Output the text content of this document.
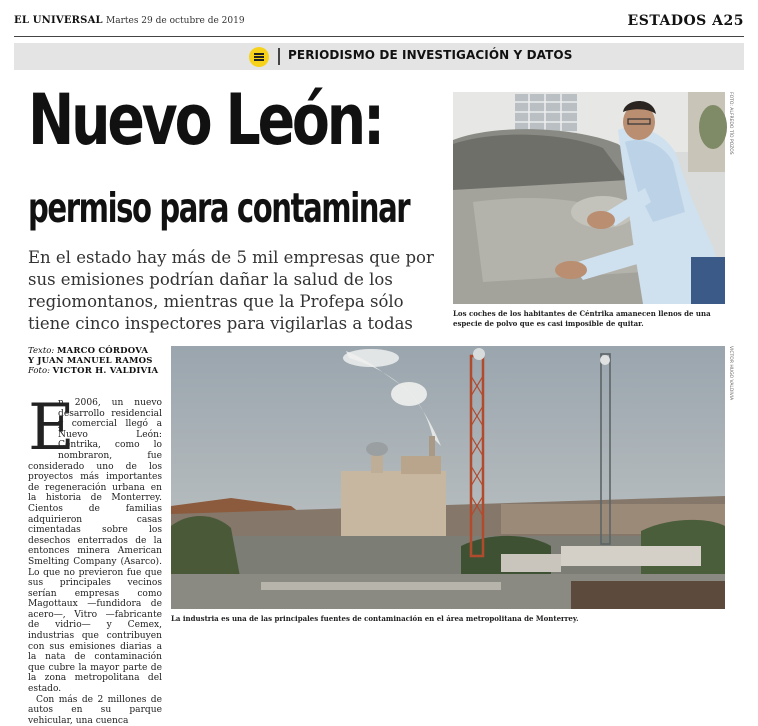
EL UNIVERSAL Martes 29 de octubre de 2019	ESTADOS A25
PERIODISMO DE INVESTIGACIÓN Y DATOS
Nuevo León:
permiso para contaminar
En el estado hay más de 5 mil empresas que por sus emisiones podrían dañar la salud de los regiomontanos, mientras que la Profepa sólo tiene cinco inspectores para vigilarlas a todas
FOTO: ALFREDO TÍO POZOS
Los coches de los habitantes de Céntrika amanecen llenos de una especie de polvo que es casi imposible de quitar.
Texto: MARCO CÓRDOVA
Y JUAN MANUEL RAMOS
Foto: VICTOR H. VALDIVIA
E

n 2006, un nuevo desarrollo residencial y comercial llegó a Nuevo León: Céntrika, como lo nombraron, fue considerado uno de los proyectos más importantes de regeneración urbana en la historia de Monterrey. Cientos de familias adquirieron casas cimentadas sobre los desechos enterrados de la entonces minera American Smelting Company (Asarco). Lo que no previeron fue que sus principales vecinos serían empresas como Magottaux —fundidora de acero—, Vitro —fabricante de vidrio— y Cemex, industrias que contribuyen con sus emisiones diarias a la nata de contaminación que cubre la mayor parte de la zona metropolitana del estado.

Con más de 2 millones de autos en su parque vehicular, una cuenca

VICTOR HUGO VALDIVIA
La industria es una de las principales fuentes de contaminación en el área metropolitana de Monterrey.
